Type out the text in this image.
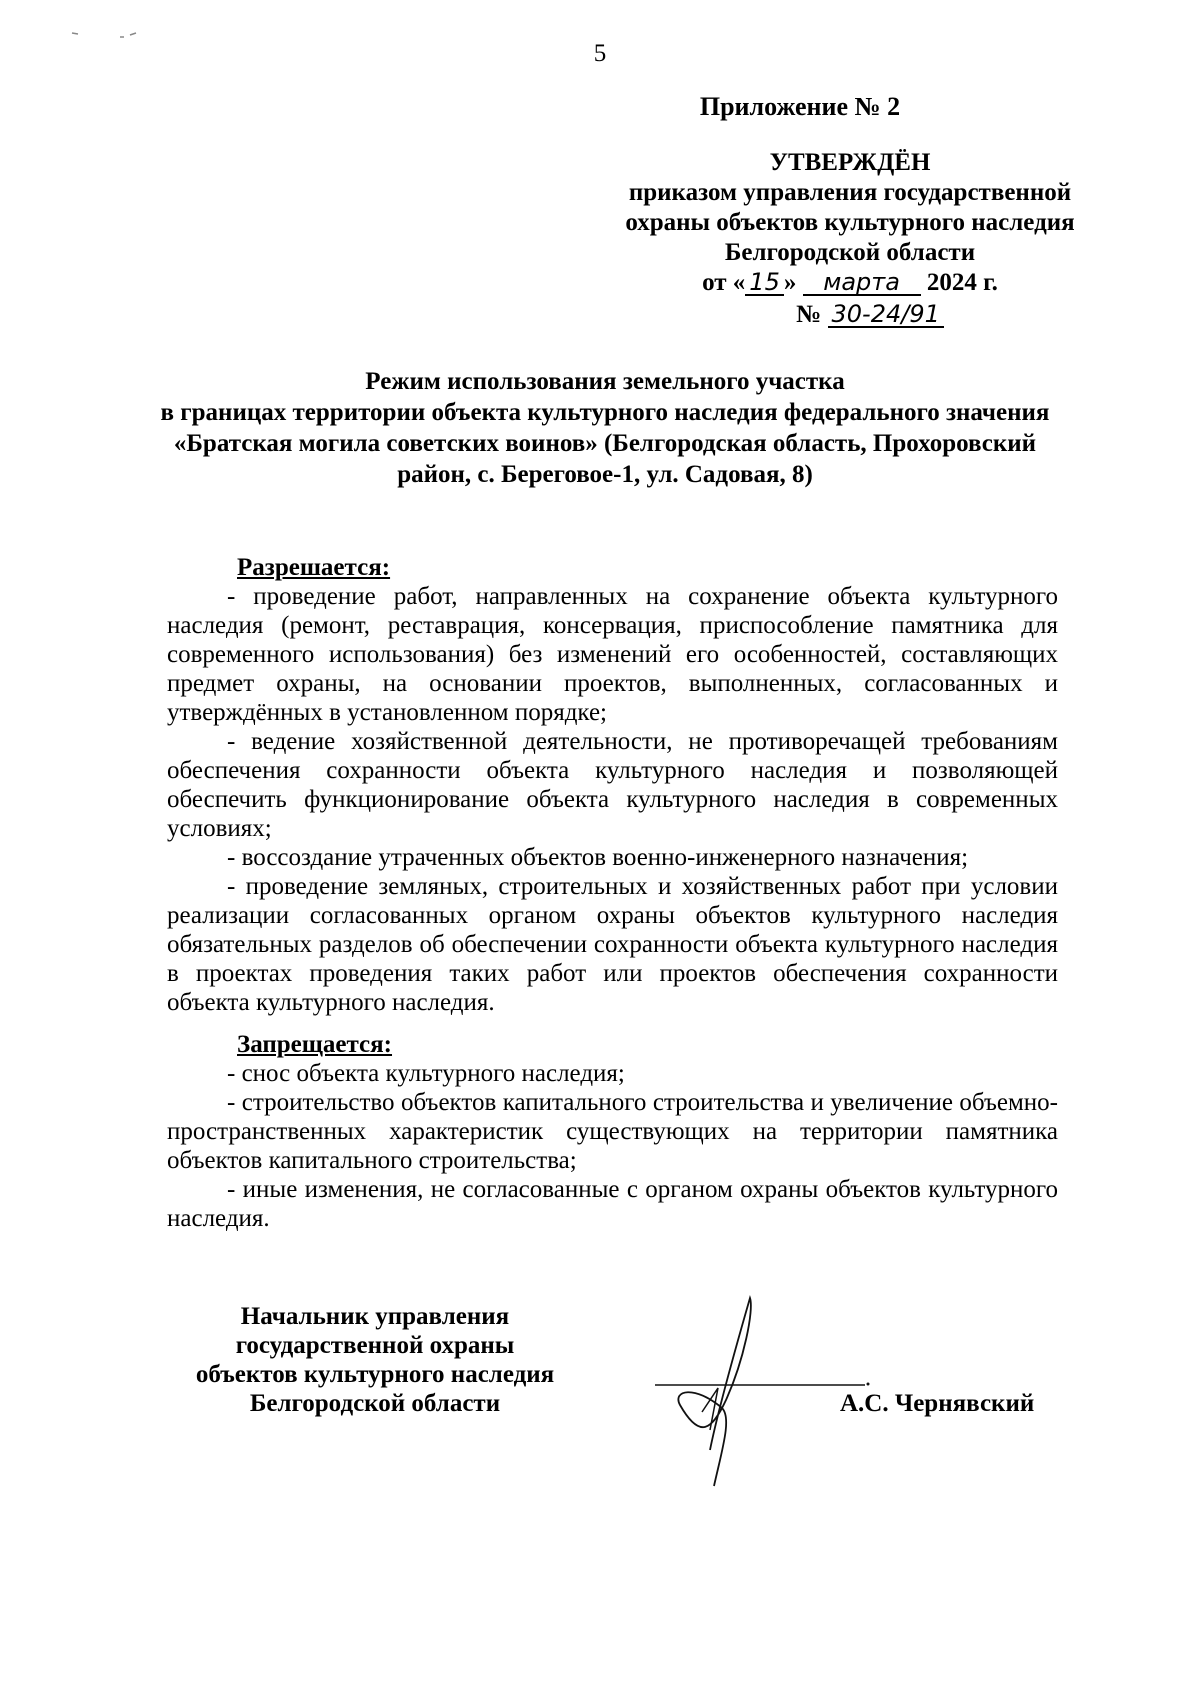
5
Приложение № 2
УТВЕРЖДЁН
приказом управления государственной
охраны объектов культурного наследия
Белгородской области
от « 15 » марта 2024 г.
№ 30-24/91
Режим использования земельного участка
в границах территории объекта культурного наследия федерального значения
«Братская могила советских воинов» (Белгородская область, Прохоровский
район, с. Береговое-1, ул. Садовая, 8)

Разрешается:

- проведение работ, направленных на сохранение объекта культурного наследия (ремонт, реставрация, консервация, приспособление памятника для современного использования) без изменений его особенностей, составляющих предмет охраны, на основании проектов, выполненных, согласованных и утверждённых в установленном порядке;

- ведение хозяйственной деятельности, не противоречащей требованиям обеспечения сохранности объекта культурного наследия и позволяющей обеспечить функционирование объекта культурного наследия в современных условиях;

- воссоздание утраченных объектов военно-инженерного назначения;

- проведение земляных, строительных и хозяйственных работ при условии реализации согласованных органом охраны объектов культурного наследия обязательных разделов об обеспечении сохранности объекта культурного наследия в проектах проведения таких работ или проектов обеспечения сохранности объекта культурного наследия.

Запрещается:

- снос объекта культурного наследия;

- строительство объектов капитального строительства и увеличение объемно-пространственных характеристик существующих на территории памятника объектов капитального строительства;

- иные изменения, не согласованные с органом охраны объектов культурного наследия.

Начальник управления
государственной охраны
объектов культурного наследия
Белгородской области	А.С. Чернявский
